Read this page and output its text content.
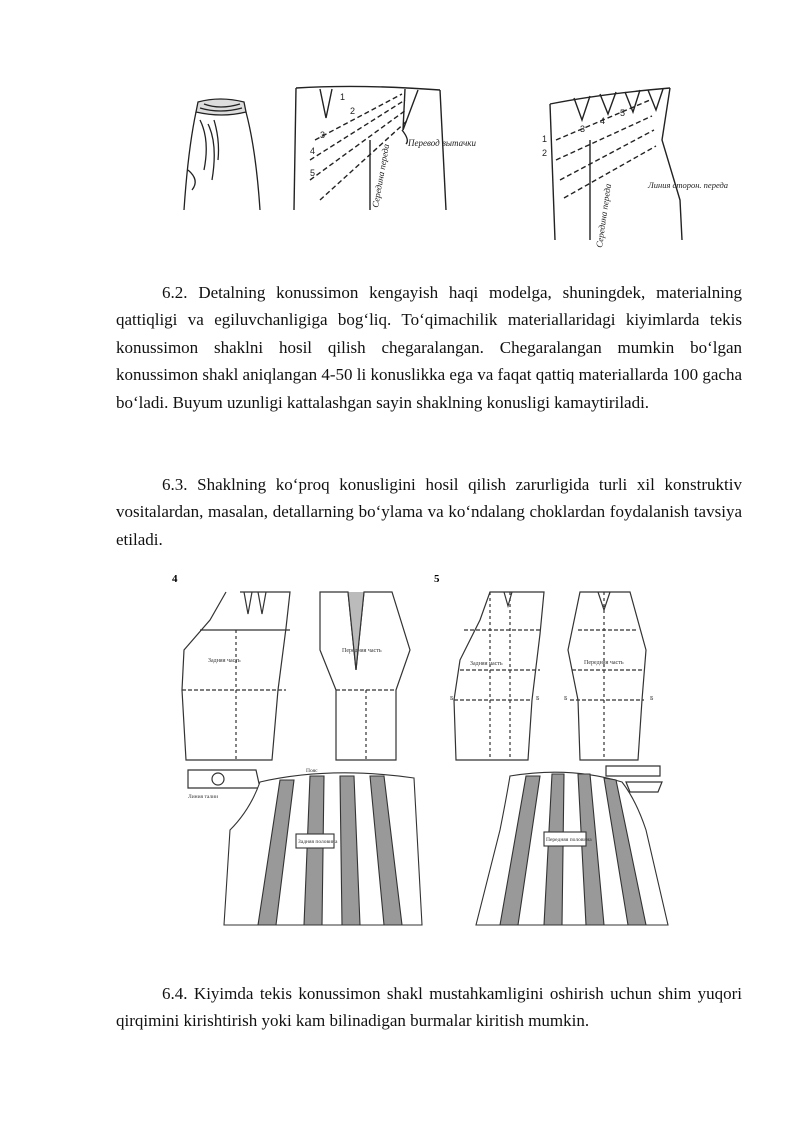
1
2
3
4
5
Перевод вытачки
Середина переда
1
2
3
4
5
Линия сторон. переда
Середина переда

6.2. Detalning konussimon kengayish haqi modelga, shuningdek, materialning qattiqligi va egiluvchanligiga bog‘liq. To‘qimachilik materiallaridagi kiyimlarda tekis konussimon shaklni hosil qilish chegaralangan. Chegaralangan mumkin bo‘lgan konussimon shakl aniqlangan 4-50 li konuslikka ega va faqat qattiq materiallarda 100 gacha bo‘ladi. Buyum uzunligi kattalashgan sayin shaklning konusligi kamaytiriladi.

6.3. Shaklning ko‘proq konusligini hosil qilish zarurligida turli xil konstruktiv vositalardan, masalan, detallarning bo‘ylama va ko‘ndalang choklardan foydalanish tavsiya etiladi.

4	5
Задняя часть
Передняя часть
Линия талии
Задняя половина
Пояс
Задняя часть
Б	Б
Передняя часть
Б	Б
Передняя половина

6.4. Kiyimda tekis konussimon shakl mustahkamligini oshirish uchun shim yuqori qirqimini kirishtirish yoki kam bilinadigan burmalar kiritish mumkin.
